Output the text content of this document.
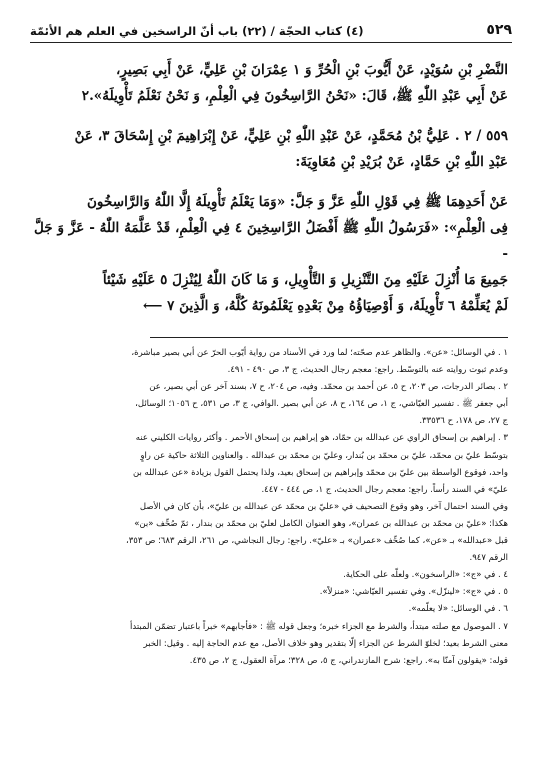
٥٢٩
(٤) كتاب الحجّة / (٢٢) باب أنّ الراسخين في العلم هم الأئمّة

النَّضْرِ بْنِ سُوَيْدٍ، عَنْ أَيُّوبَ بْنِ الْحُرِّ وَ ١ عِمْرَانَ بْنِ عَلِيٍّ، عَنْ أَبِي بَصِيرٍ،

عَنْ أَبِي عَبْدِ اللّٰهِ ﷺ، قَالَ: «نَحْنُ الرَّاسِخُونَ فِي الْعِلْمِ، وَ نَحْنُ نَعْلَمُ تَأْوِيلَهُ».٢

٥٥٩ / ٢ . عَلِيُّ بْنُ مُحَمَّدٍ، عَنْ عَبْدِ اللّٰهِ بْنِ عَلِيٍّ، عَنْ إِبْرَاهِيمَ بْنِ إِسْحَاقَ ٣، عَنْ

عَبْدِ اللّٰهِ بْنِ حَمَّادٍ، عَنْ بُرَيْدِ بْنِ مُعَاوِيَةَ:

عَنْ أَحَدِهِمَا ﷺ فِي قَوْلِ اللّٰهِ عَزَّ وَ جَلَّ: «وَمَا يَعْلَمُ تَأْوِيلَهُ إِلَّا اللّٰهُ وَالرَّاسِخُونَ

فِى الْعِلْمِ»: «فَرَسُولُ اللّٰهِ ﷺ أَفْضَلُ الرَّاسِخِينَ ٤ فِي الْعِلْمِ، قَدْ عَلَّمَهُ اللّٰهُ - عَزَّ وَ جَلَّ -

جَمِيعَ مَا أُنْزِلَ عَلَيْهِ مِنَ التَّنْزِيلِ وَ التَّأْوِيلِ، وَ مَا كَانَ اللّٰهُ لِيُنْزِلَ ٥ عَلَيْهِ شَيْئاً

لَمْ يُعَلِّمْهُ ٦ تَأْوِيلَهُ، وَ أَوْصِيَاؤُهُ مِنْ بَعْدِهِ يَعْلَمُونَهُ كُلَّهُ، وَ الَّذِينَ ٧ ⟵

١ . في الوسائل: «عن». والظاهر عدم صحّته؛ لما ورد في الأسناد من رواية أيّوب الحرّ عن أبي بصير مباشرة،

وعدم ثبوت روايته عنه بالتوسّط. راجع: معجم رجال الحديث، ج ٣، ص ٤٩٠ - ٤٩١.

٢ . بصائر الدرجات، ص ٢٠٣، ح ٥، عن أحمد بن محمّد. وفيه، ص ٢٠٤، ح ٧، بسند آخر عن أبي بصير، عن

أبي جعفر ﷺ . تفسير العيّاشي، ج ١، ص ١٦٤، ح ٨، عن أبي بصير .الوافي، ج ٣، ص ٥٣١، ح ١٠٥٦؛ الوسائل،

ج ٢٧، ص ١٧٨، ح ٣٣٥٣٦.

٣ . إبراهيم بن إسحاق الراوي عن عبدالله بن حمّاد، هو إبراهيم بن إسحاق الأحمر . وأكثر روايات الكليني عنه

بتوسّط عليّ بن محمّد، عليّ بن محمّد بن بُندار، وعليّ بن محمّد بن عبدالله . والعناوين الثلاثة حاكية عن راوٍ

واحد، فوقوع الواسطة بين عليّ بن محمّد وإبراهيم بن إسحاق بعيد، ولذا يحتمل القول بزيادة «عن عبدالله بن

عليّ» في السند رأساً. راجع: معجم رجال الحديث، ج ١، ص ٤٤٤ - ٤٤٧.

وفي السند احتمال آخر، وهو وقوع التصحيف في «عليّ بن محمّد عن عبدالله بن عليّ»، بأن كان في الأصل

هكذا: «عليّ بن محمّد بن عبدالله بن عمران»، وهو العنوان الكامل لعليّ بن محمّد بن بندار ، ثمّ صُحِّف «بن»

قبل «عبدالله» بـ «عن»، كما صُحِّف «عمران» بـ «عليّ». راجع: رجال النجاشي، ص ٢٦١، الرقم ٦٨٣؛ ص ٣٥٣،

الرقم ٩٤٧.

٤ . في «ج»: «الراسخون». ولعلّه على الحكاية.

٥ . في «ج»: «لينزّل». وفي تفسير العيّاشي: «منزلاً».

٦ . في الوسائل: «لا يعلّمه».

٧ . الموصول مع صلته مبتدأ، والشرط مع الجزاء خبره؛ وجعل قوله ﷺ : «فأجابهم» خبراً باعتبار تضمّن المبتدأ

معنى الشرط بعيد؛ لخلوّ الشرط عن الجزاء إلّا بتقدير وهو خلاف الأصل، مع عدم الحاجة إليه . وقيل: الخبر

قوله: «يقولون آمنّا به». راجع: شرح المازندراني، ج ٥، ص ٣٢٨؛ مرآة العقول، ج ٢، ص ٤٣٥.
